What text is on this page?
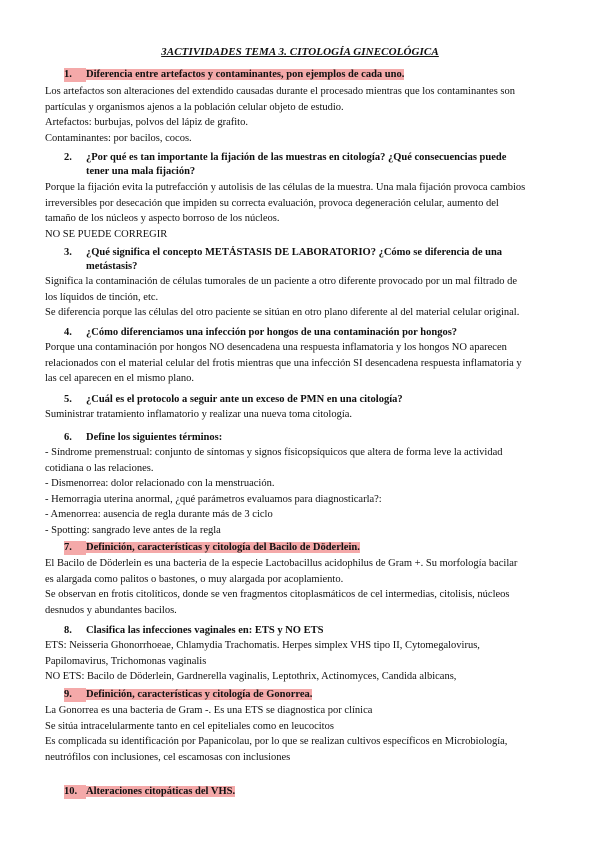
3ACTIVIDADES TEMA 3. CITOLOGÍA GINECOLÓGICA
1. Diferencia entre artefactos y contaminantes, pon ejemplos de cada uno.
Los artefactos son alteraciones del extendido causadas durante el procesado mientras que los contaminantes son
partículas y organismos ajenos a la población celular objeto de estudio.
Artefactos: burbujas, polvos del lápiz de grafito.
Contaminantes: por bacilos, cocos.
2. ¿Por qué es tan importante la fijación de las muestras en citología? ¿Qué consecuencias puede tener una mala fijación?
Porque la fijación evita la putrefacción y autolisis de las células de la muestra. Una mala fijación provoca cambios
irreversibles por desecación que impiden su correcta evaluación, provoca degeneración celular, aumento del
tamaño de los núcleos y aspecto borroso de los núcleos.
NO SE PUEDE CORREGIR
3. ¿Qué significa el concepto METÁSTASIS DE LABORATORIO? ¿Cómo se diferencia de una metástasis?
Significa la contaminación de células tumorales de un paciente a otro diferente provocado por un mal filtrado de
los líquidos de tinción, etc.
Se diferencia porque las células del otro paciente se sitúan en otro plano diferente al del material celular original.
4. ¿Cómo diferenciamos una infección por hongos de una contaminación por hongos?
Porque una contaminación por hongos NO desencadena una respuesta inflamatoria y los hongos NO aparecen
relacionados con el material celular del frotis mientras que una infección SI desencadena respuesta inflamatoria y
las cel aparecen en el mismo plano.
5. ¿Cuál es el protocolo a seguir ante un exceso de PMN en una citología?
Suministrar tratamiento inflamatorio y realizar una nueva toma citología.
6. Define los siguientes términos:
- Síndrome premenstrual: conjunto de síntomas y signos físicopsíquicos que altera de forma leve la actividad
cotidiana o las relaciones.
- Dismenorrea: dolor relacionado con la menstruación.
- Hemorragia uterina anormal, ¿qué parámetros evaluamos para diagnosticarla?:
- Amenorrea: ausencia de regla durante más de 3 ciclo
- Spotting: sangrado leve antes de la regla
7. Definición, características y citología del Bacilo de Döderlein.
El Bacilo de Döderlein es una bacteria de la especie Lactobacillus acidophilus de Gram +. Su morfología bacilar
es alargada como palitos o bastones, o muy alargada por acoplamiento.
Se observan en frotis citolíticos, donde se ven fragmentos citoplasmáticos de cel intermedias, citolisis, núcleos
desnudos y abundantes bacilos.
8. Clasifica las infecciones vaginales en: ETS y NO ETS
ETS: Neisseria Ghonorrhoeae, Chlamydia Trachomatis. Herpes simplex VHS tipo II, Cytomegalovirus,
Papilomavirus, Trichomonas vaginalis
NO ETS: Bacilo de Döderlein, Gardnerella vaginalis, Leptothrix, Actinomyces, Candida albicans,
9. Definición, características y citología de Gonorrea.
La Gonorrea es una bacteria de Gram -. Es una ETS se diagnostica por clínica
Se sitúa intracelularmente tanto en cel epiteliales como en leucocitos
Es complicada su identificación por Papanicolau, por lo que se realizan cultivos específicos en Microbiología,
neutrófilos con inclusiones, cel escamosas con inclusiones
10. Alteraciones citopáticas del VHS.
